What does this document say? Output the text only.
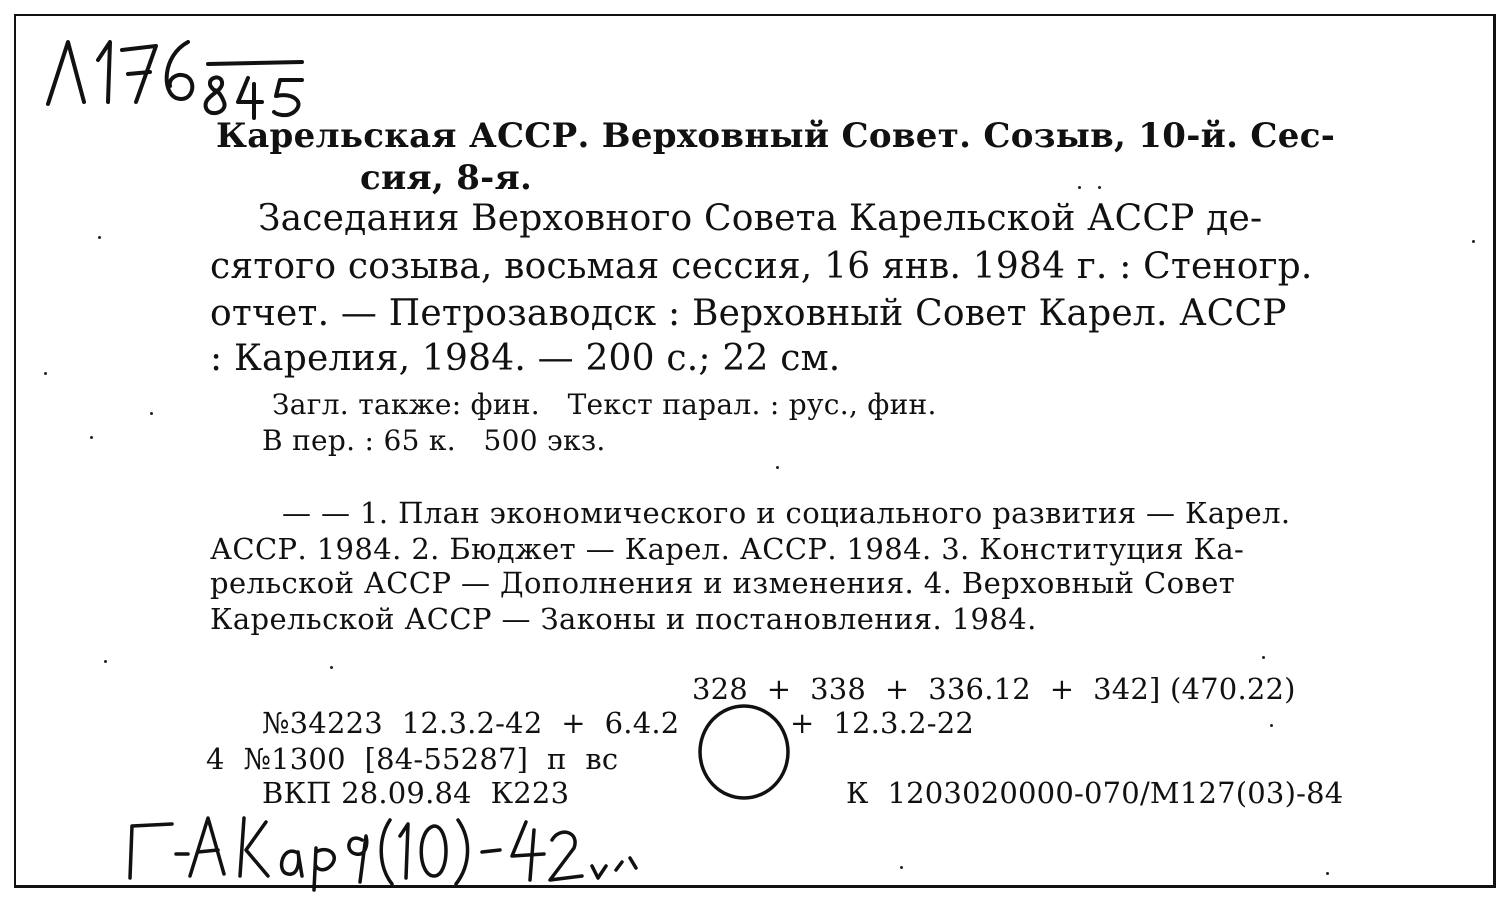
Карельская АССР. Верховный Совет. Созыв, 10-й. Сес-
сия, 8-я.
Заседания Верховного Совета Карельской АССР де-
сятого созыва, восьмая сессия, 16 янв. 1984 г. : Стеногр.
отчет. — Петрозаводск : Верховный Совет Карел. АССР
: Карелия, 1984. — 200 с.; 22 см.
Загл. также: фин.   Текст парал. : рус., фин.
В пер. : 65 к.   500 экз.
— — 1. План экономического и социального развития — Карел.
АССР. 1984. 2. Бюджет — Карел. АССР. 1984. 3. Конституция Ка-
рельской АССР — Дополнения и изменения. 4. Верховный Совет
Карельской АССР — Законы и постановления. 1984.
328  +  338  +  336.12  +  342] (470.22)
№34223  12.3.2-42  +  6.4.2	+  12.3.2-22
4  №1300  [84-55287]  п  вс
ВКП 28.09.84  К223	К  1203020000-070/М127(03)-84
